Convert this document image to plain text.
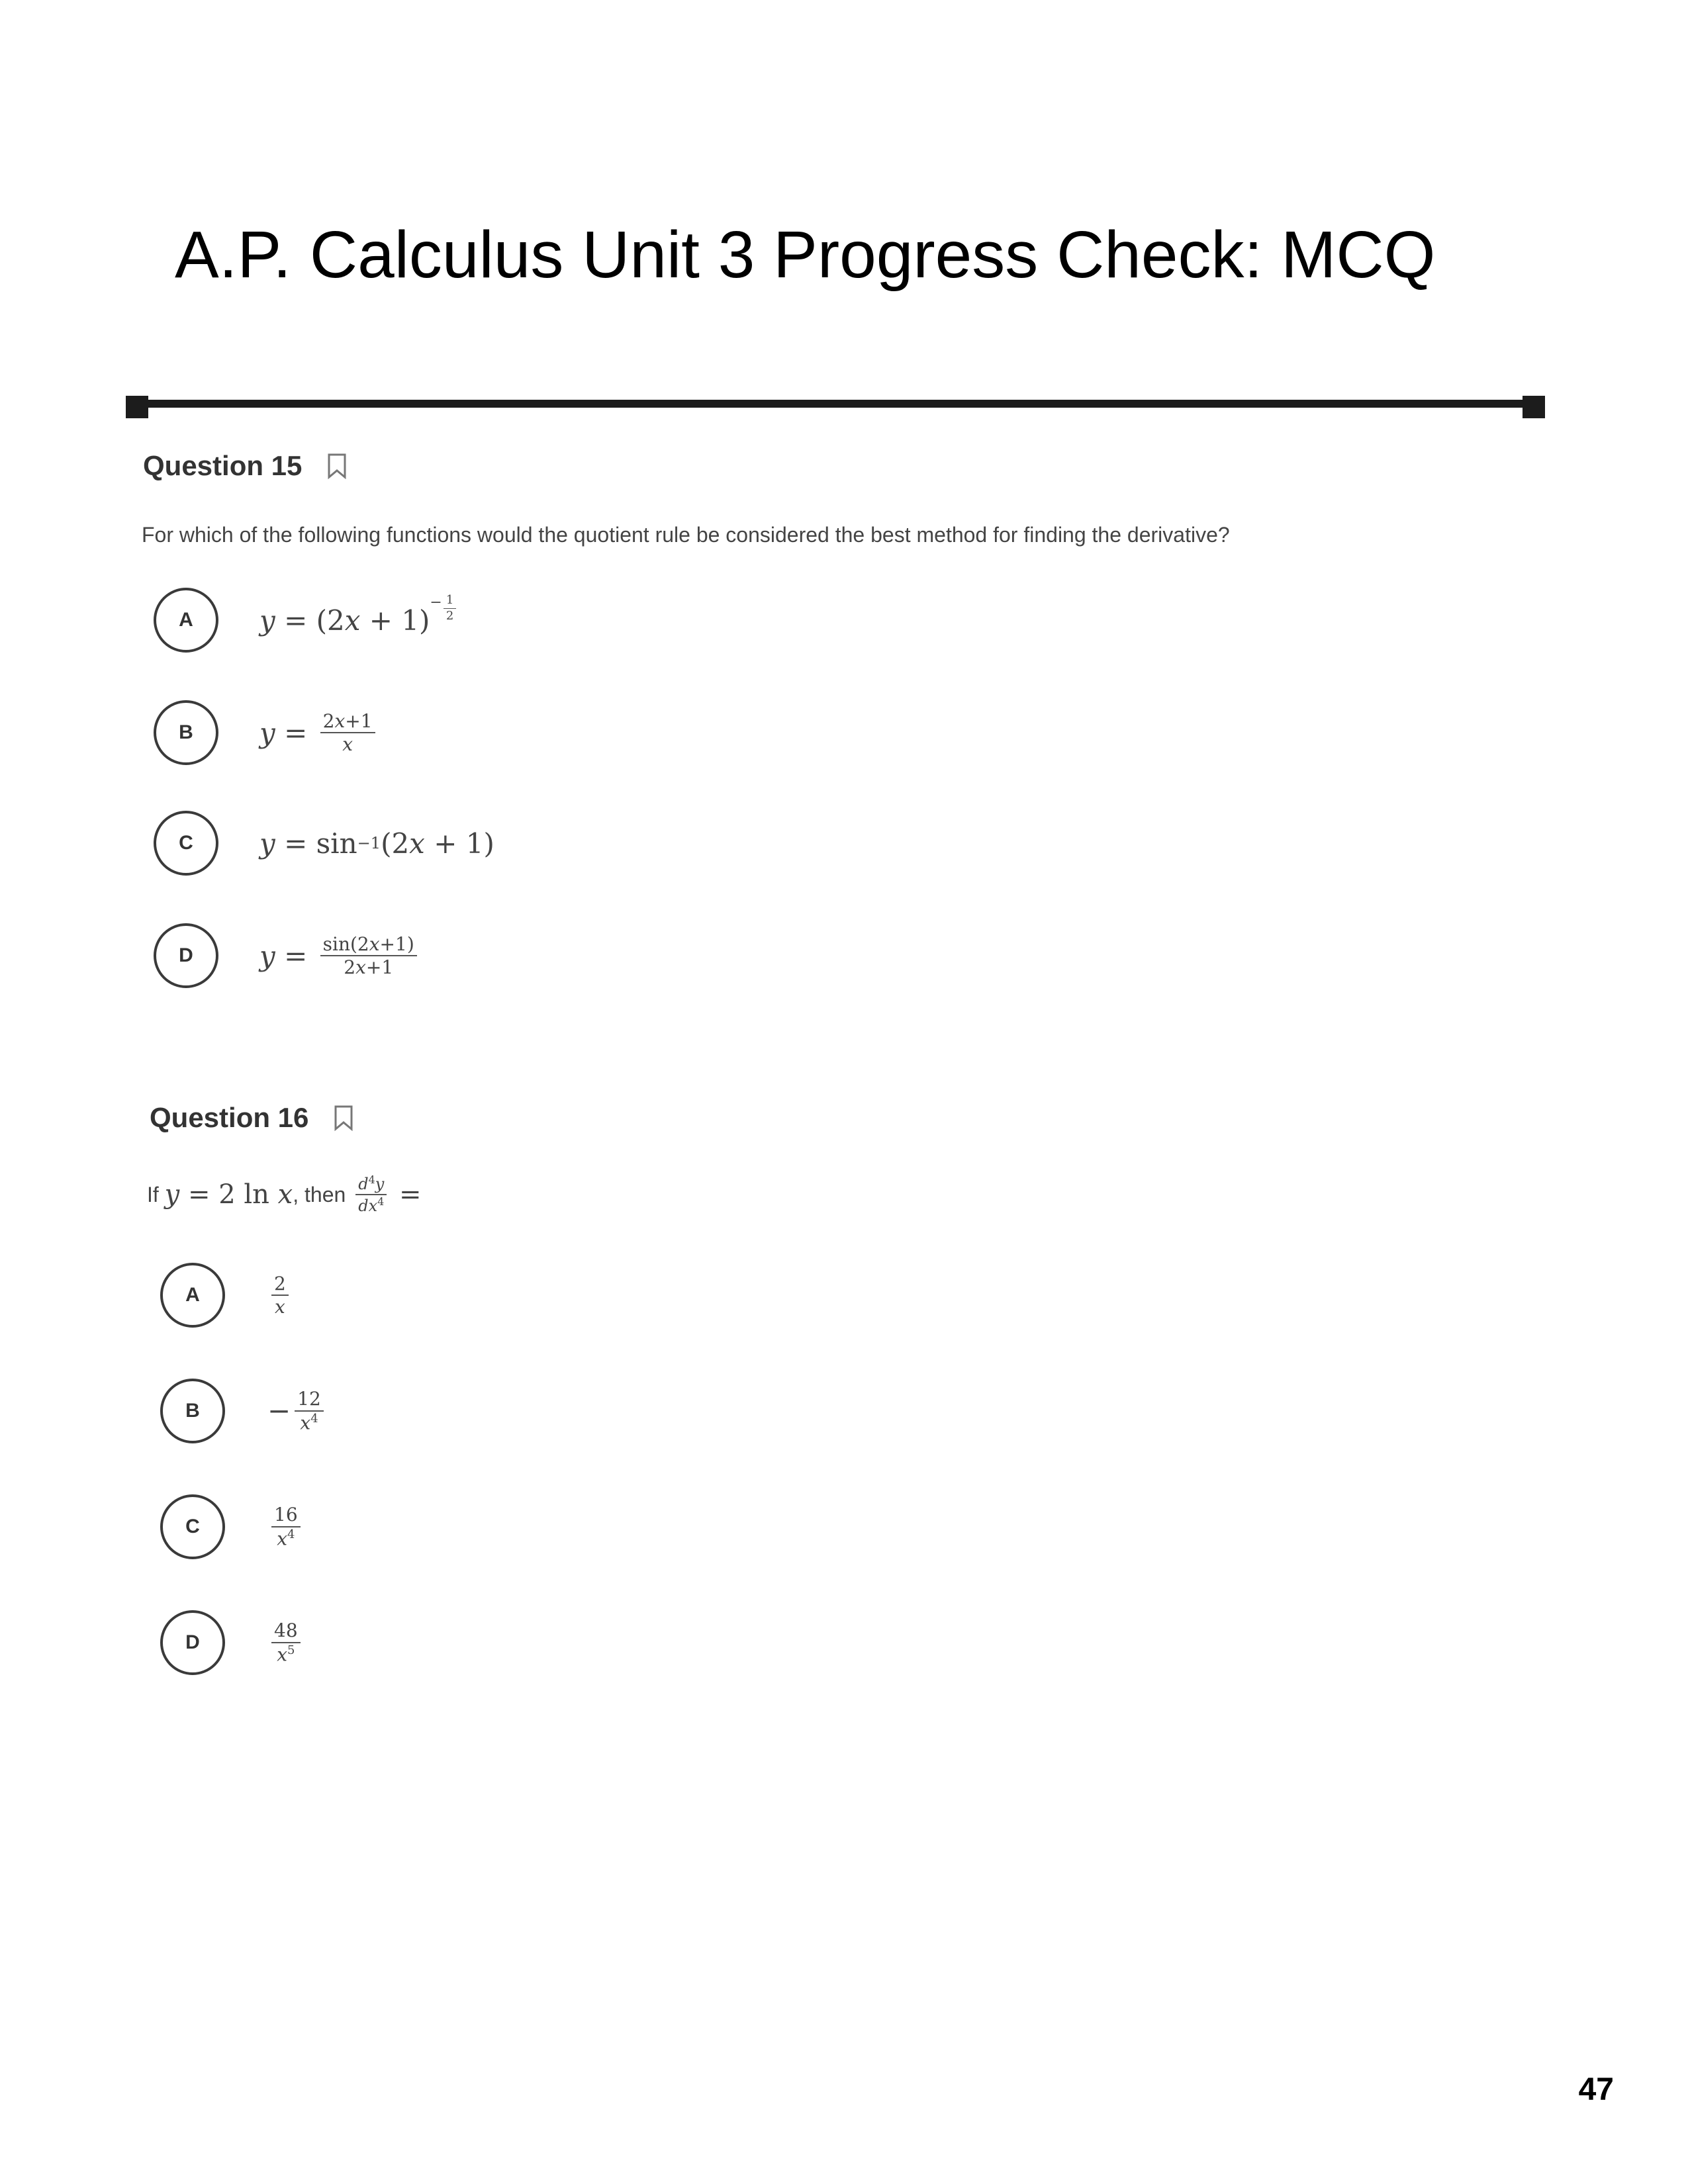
A.P. Calculus Unit 3 Progress Check: MCQ
Question 15
For which of the following functions would the quotient rule be considered the best method for finding the derivative?
A	y = (2 x + 1)
− $\frac{1}{2}$
B	$y = \frac{2x+1}{x}$
C	y = sin −1 (2 x + 1)
D	$y = \frac{\sin(2x+1)}{2x+1}$
Question 16
If
y = 2 ln x , then
$\frac{d^4y}{dx^4}$ =
A	$\frac{2}{x}$
B	− $\frac{12}{x^4}$
C	$\frac{16}{x^4}$
D	$\frac{48}{x^5}$
47
